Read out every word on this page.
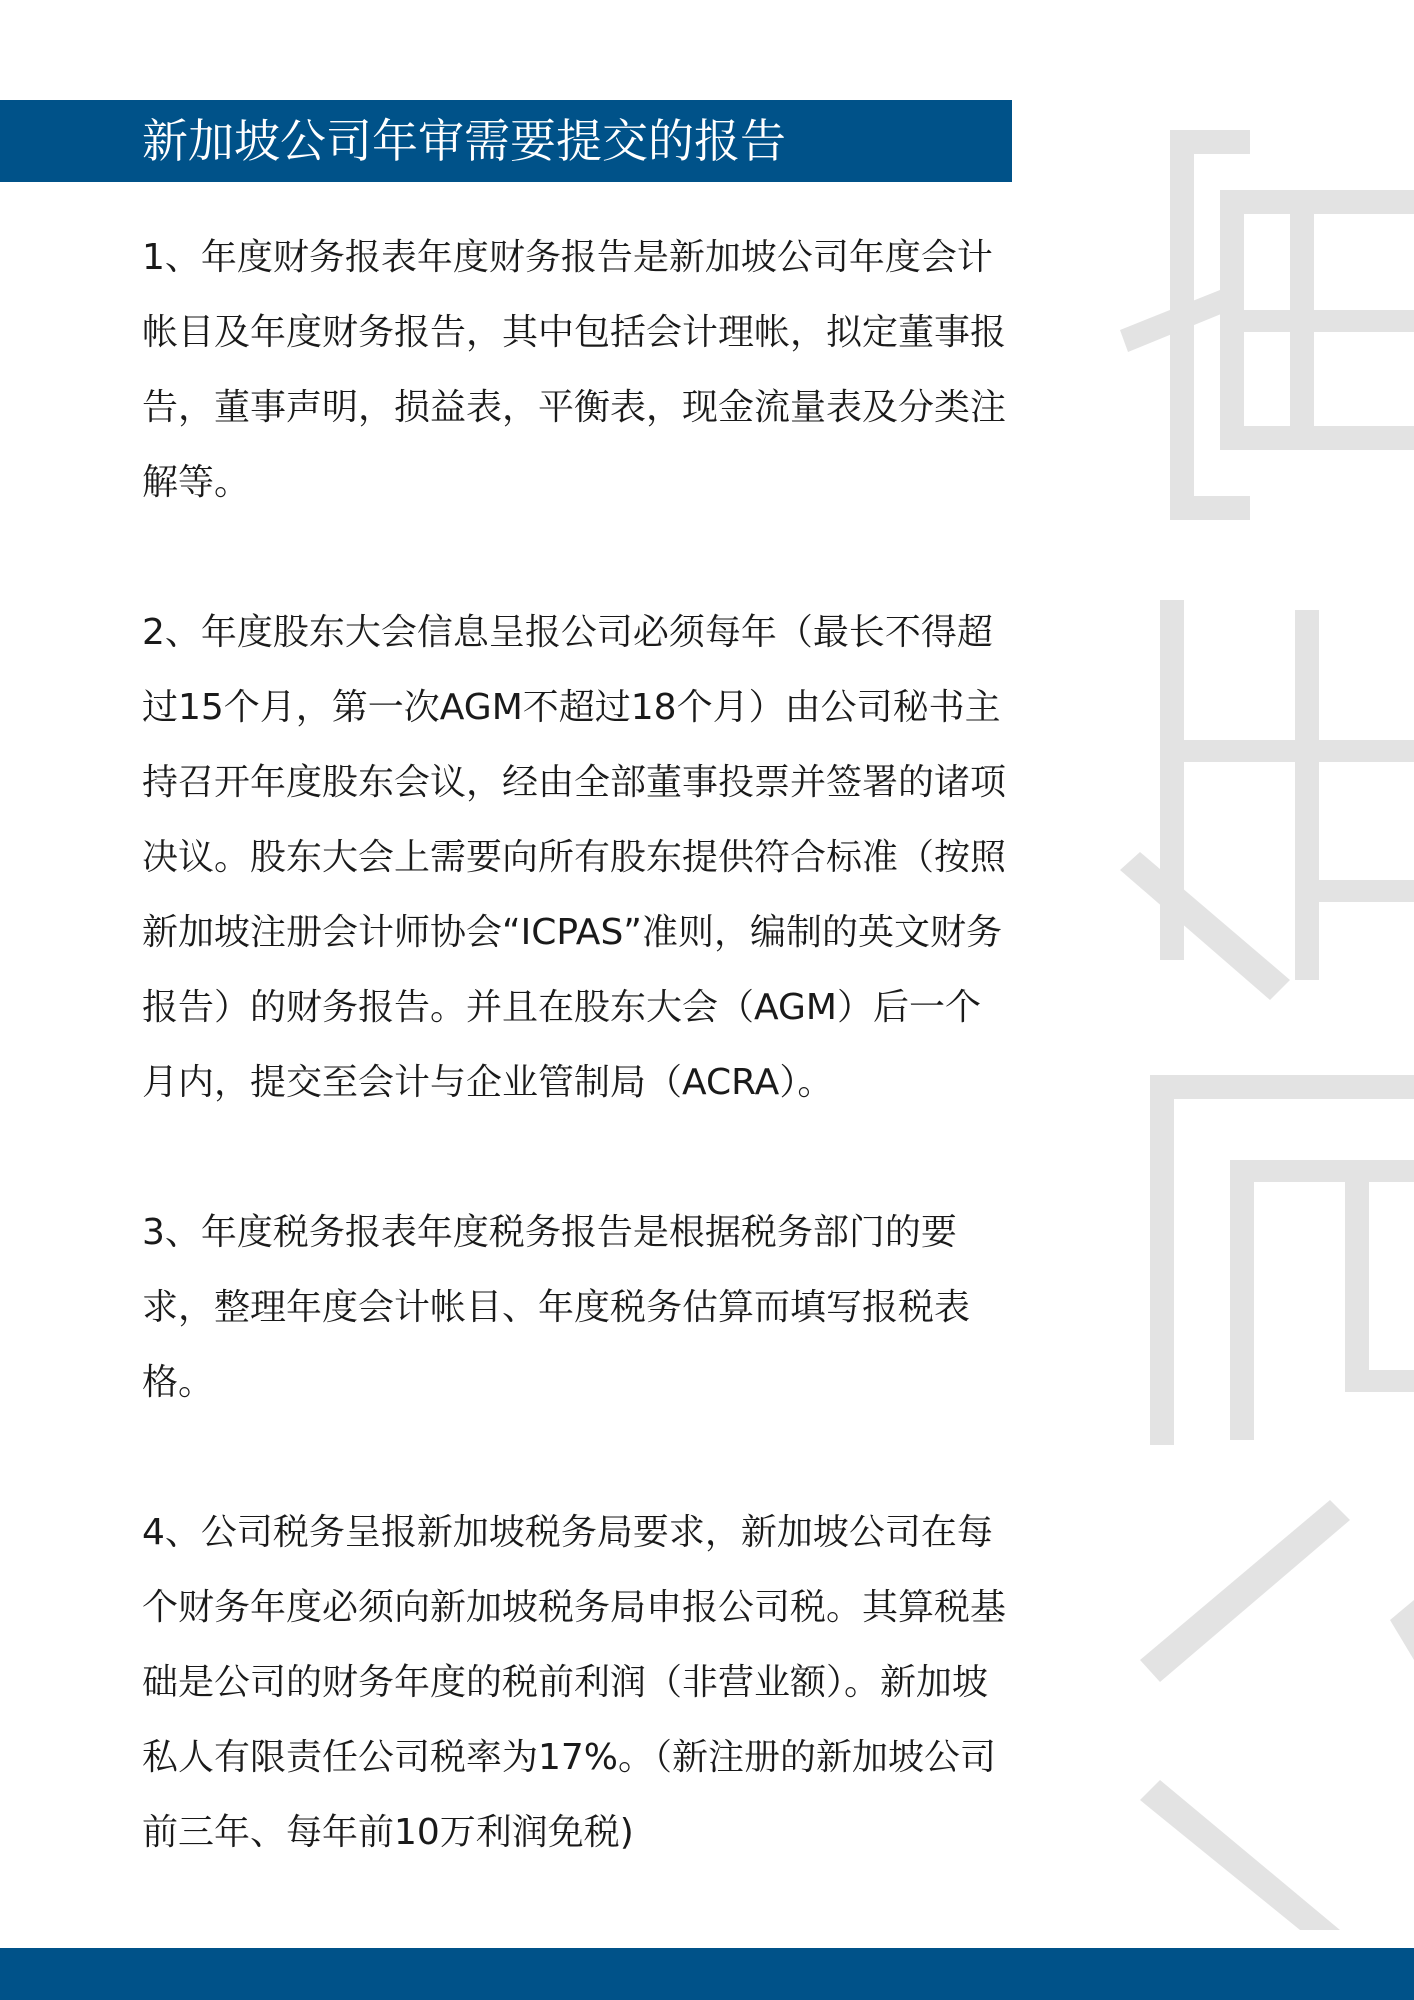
新加坡公司年审需要提交的报告

1、年度财务报表年度财务报告是新加坡公司年度会计帐目及年度财务报告，其中包括会计理帐，拟定董事报告，董事声明，损益表，平衡表，现金流量表及分类注解等。

2、年度股东大会信息呈报公司必须每年（最长不得超过15个月，第一次AGM不超过18个月）由公司秘书主持召开年度股东会议，经由全部董事投票并签署的诸项决议。股东大会上需要向所有股东提供符合标准（按照新加坡注册会计师协会“ICPAS”准则，编制的英文财务报告）的财务报告。并且在股东大会（AGM）后一个月内，提交至会计与企业管制局（ACRA）。

3、年度税务报表年度税务报告是根据税务部门的要求，整理年度会计帐目、年度税务估算而填写报税表格。

4、公司税务呈报新加坡税务局要求，新加坡公司在每个财务年度必须向新加坡税务局申报公司税。其算税基础是公司的财务年度的税前利润（非营业额）。新加坡私人有限责任公司税率为17%。（新注册的新加坡公司前三年、每年前10万利润免税)
